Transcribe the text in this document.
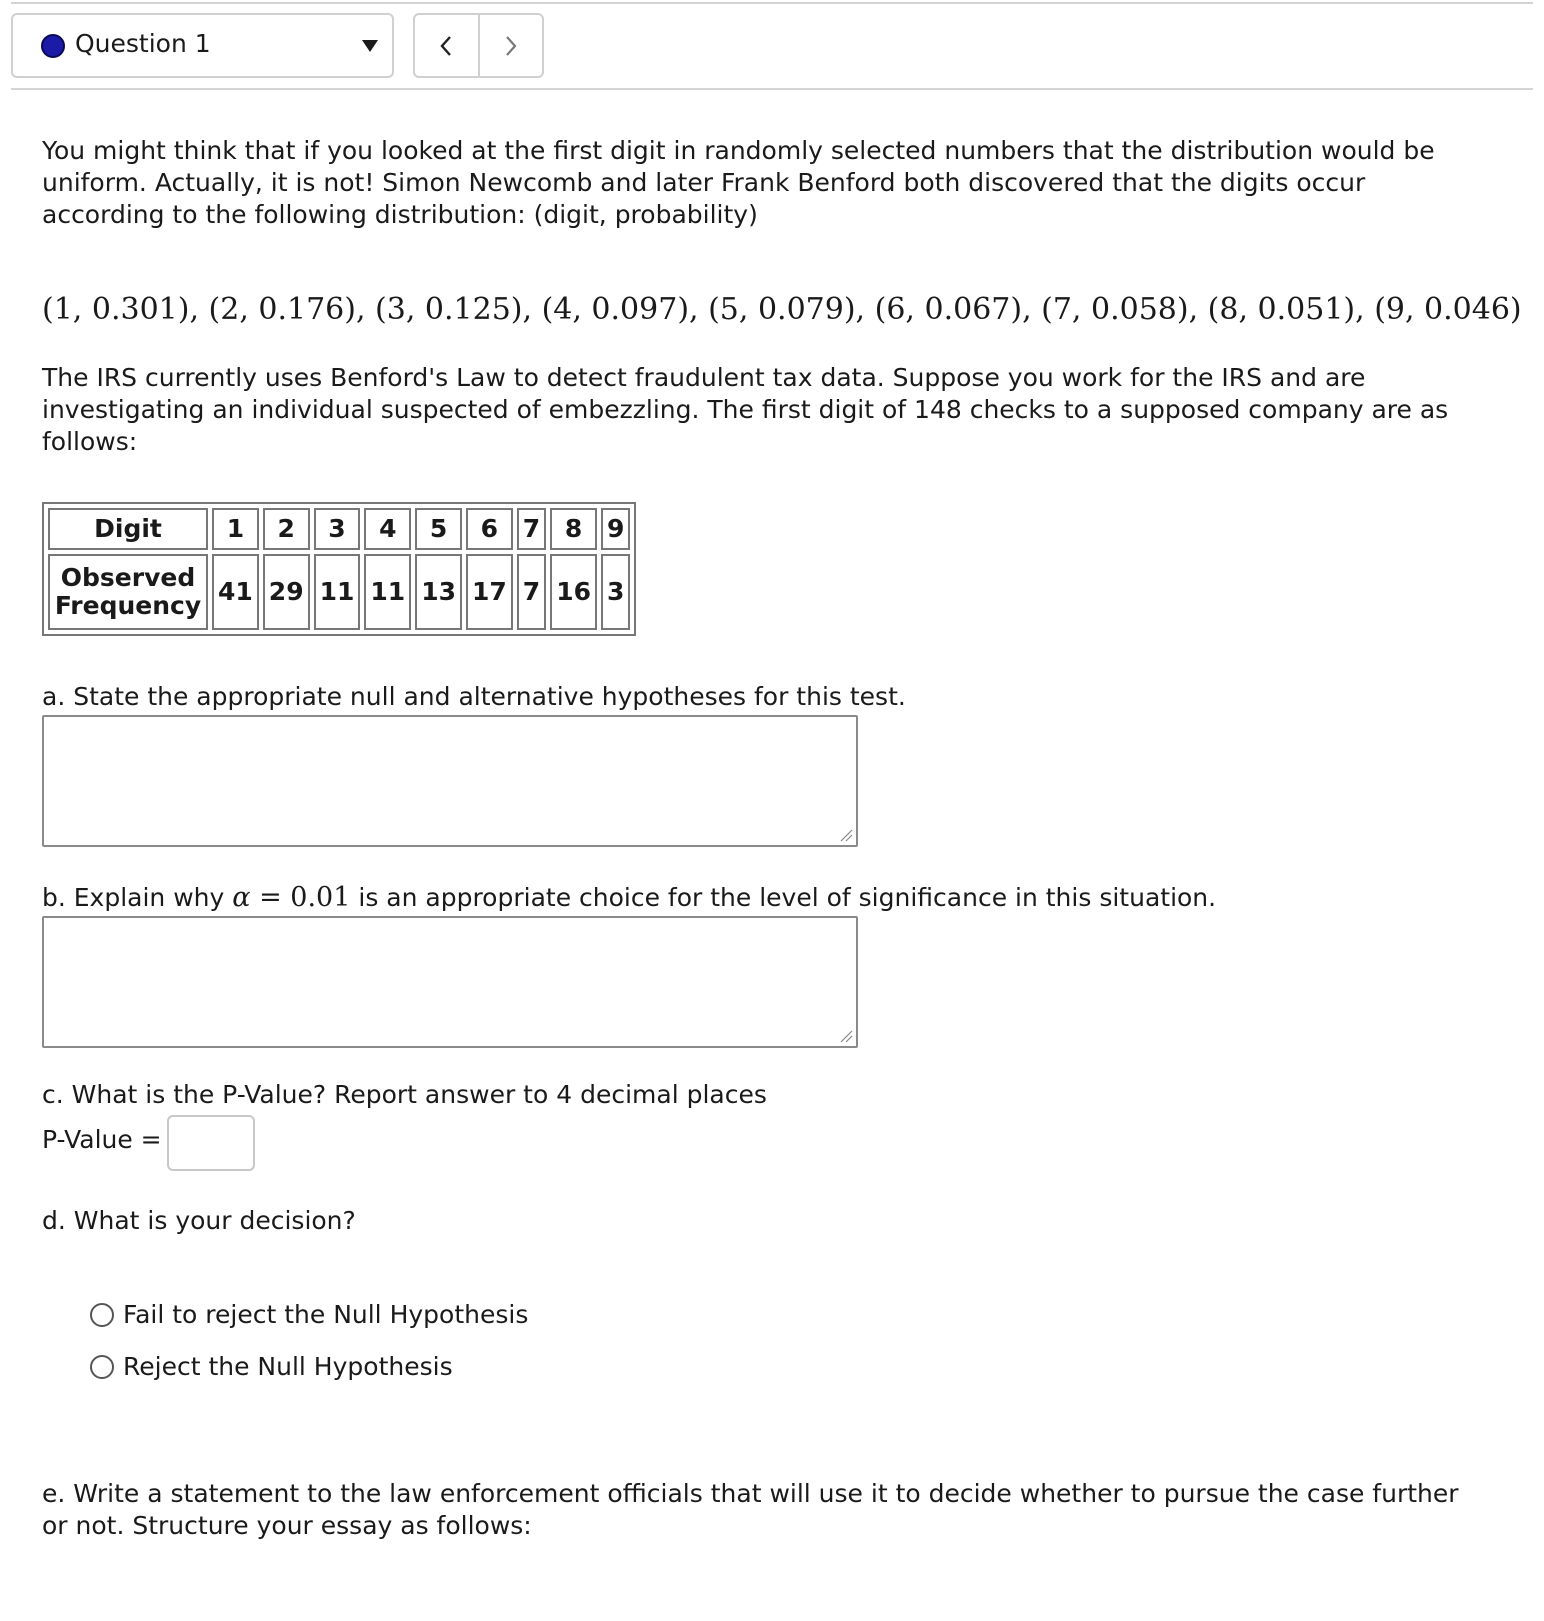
Question 1

You might think that if you looked at the first digit in randomly selected numbers that the distribution would be uniform. Actually, it is not! Simon Newcomb and later Frank Benford both discovered that the digits occur according to the following distribution: (digit, probability)

(1, 0.301), (2, 0.176), (3, 0.125), (4, 0.097), (5, 0.079), (6, 0.067), (7, 0.058), (8, 0.051), (9, 0.046)

The IRS currently uses Benford's Law to detect fraudulent tax data. Suppose you work for the IRS and are investigating an individual suspected of embezzling. The first digit of 148 checks to a supposed company are as follows:

Digit	1	2	3	4	5	6	7	8	9
Observed
Frequency	41	29	11	11	13	17	7	16	3
a. State the appropriate null and alternative hypotheses for this test.
b. Explain why α = 0.01 is an appropriate choice for the level of significance in this situation.
c. What is the P-Value? Report answer to 4 decimal places
P-Value =
d. What is your decision?
Fail to reject the Null Hypothesis
Reject the Null Hypothesis

e. Write a statement to the law enforcement officials that will use it to decide whether to pursue the case further or not. Structure your essay as follows:
